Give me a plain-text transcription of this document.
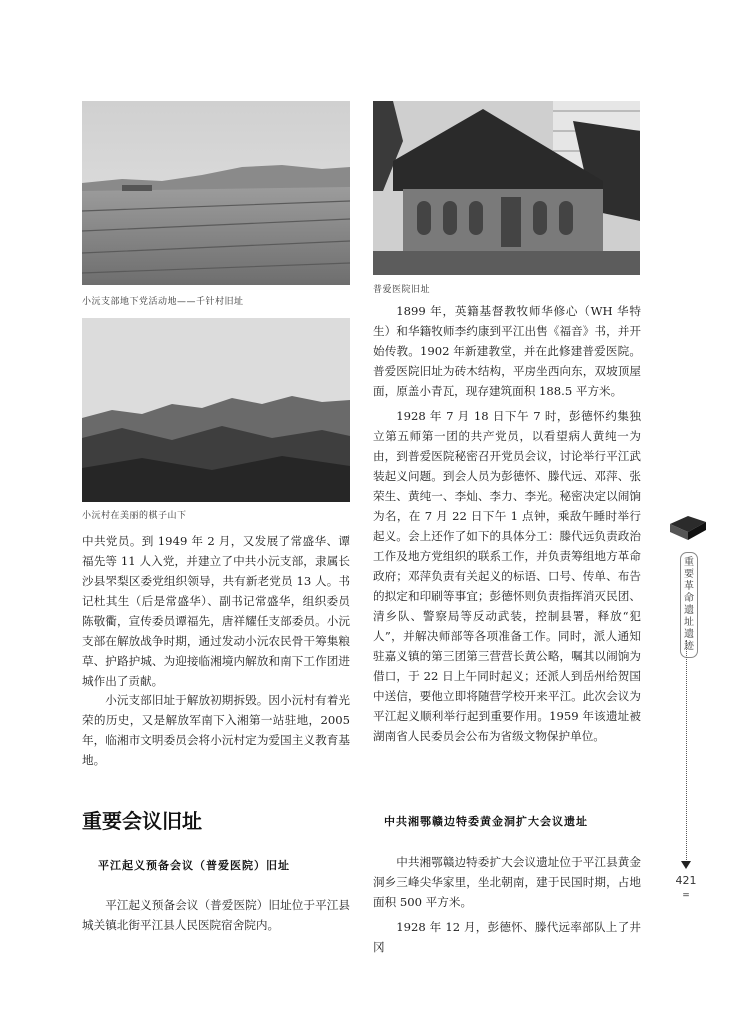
小沅支部地下党活动地——千针村旧址
小沅村在美丽的棋子山下
普爱医院旧址

中共党员。到 1949 年 2 月，又发展了常盛华、谭福先等 11 人入党，并建立了中共小沅支部，隶属长沙县罘梨区委党组织领导，共有新老党员 13 人。书记杜其生（后是常盛华）、副书记常盛华，组织委员陈敬衢，宣传委员谭福先，唐祥耀任支部委员。小沅支部在解放战争时期，通过发动小沅农民骨干筹集粮草、护路护城、为迎接临湘境内解放和南下工作团进城作出了贡献。

小沅支部旧址于解放初期拆毁。因小沅村有着光荣的历史，又是解放军南下入湘第一站驻地，2005 年，临湘市文明委员会将小沅村定为爱国主义教育基地。

重要会议旧址
平江起义预备会议（普爱医院）旧址

平江起义预备会议（普爱医院）旧址位于平江县城关镇北街平江县人民医院宿舍院内。

1899 年，英籍基督教牧师华修心（WH 华特生）和华籍牧师李约康到平江出售《福音》书，并开始传教。1902 年新建教堂，并在此修建普爱医院。普爱医院旧址为砖木结构，平房坐西向东，双坡顶屋面，原盖小青瓦，现存建筑面积 188.5 平方米。

1928 年 7 月 18 日下午 7 时，彭德怀约集独立第五师第一团的共产党员，以看望病人黄纯一为由，到普爱医院秘密召开党员会议，讨论举行平江武装起义问题。到会人员为彭德怀、滕代远、邓萍、张荣生、黄纯一、李灿、李力、李光。秘密决定以闹饷为名，在 7 月 22 日下午 1 点钟，乘敌午睡时举行起义。会上还作了如下的具体分工：滕代远负责政治工作及地方党组织的联系工作，并负责筹组地方革命政府；邓萍负责有关起义的标语、口号、传单、布告的拟定和印刷等事宜；彭德怀则负责指挥消灭民团、清乡队、警察局等反动武装，控制县署，释放“犯人”，并解决师部等各项准备工作。同时，派人通知驻嘉义镇的第三团第三营营长黄公略，嘱其以闹饷为借口，于 22 日上午同时起义；还派人到岳州给贺国中送信，要他立即将随营学校开来平江。此次会议为平江起义顺利举行起到重要作用。1959 年该遗址被湖南省人民委员会公布为省级文物保护单位。

中共湘鄂赣边特委黄金洞扩大会议遗址

中共湘鄂赣边特委扩大会议遗址位于平江县黄金洞乡三峰尖华家里，坐北朝南，建于民国时期，占地面积 500 平方米。

1928 年 12 月，彭德怀、滕代远率部队上了井冈

重要革命遗址遗迹
421
=
